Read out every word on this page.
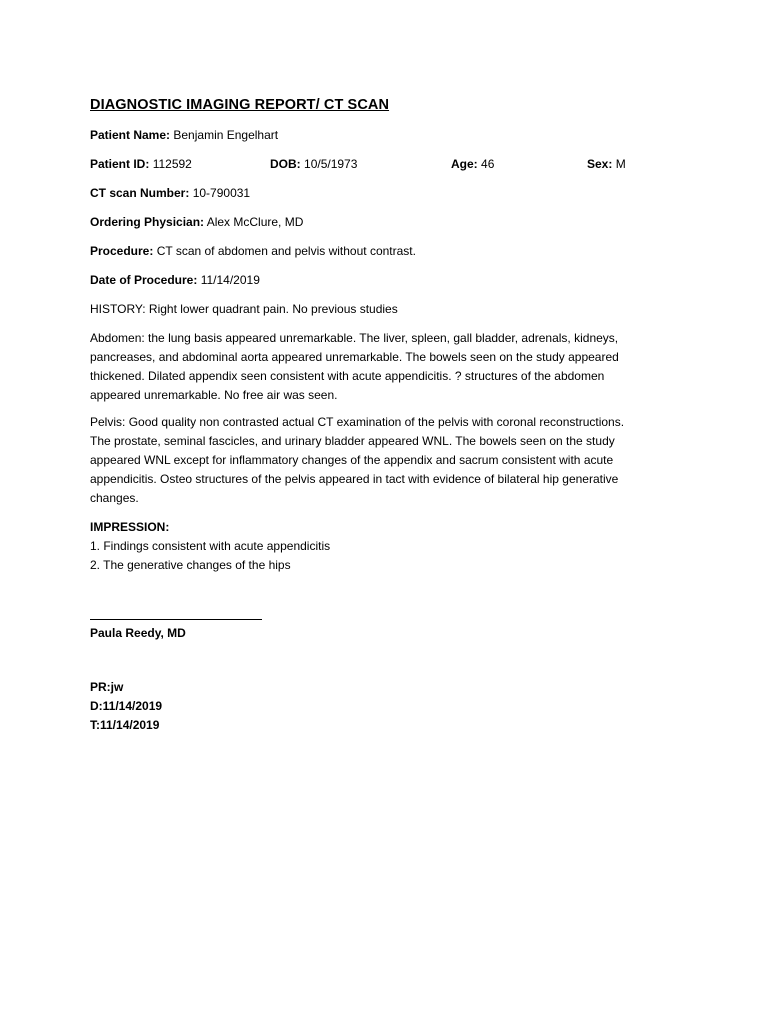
DIAGNOSTIC IMAGING REPORT/ CT SCAN
Patient Name: Benjamin Engelhart
Patient ID: 112592	DOB: 10/5/1973	Age: 46	Sex: M
CT scan Number: 10-790031
Ordering Physician: Alex McClure, MD
Procedure: CT scan of abdomen and pelvis without contrast.
Date of Procedure: 11/14/2019
HISTORY: Right lower quadrant pain. No previous studies
Abdomen: the lung basis appeared unremarkable. The liver, spleen, gall bladder, adrenals, kidneys,
pancreases, and abdominal aorta appeared unremarkable. The bowels seen on the study appeared
thickened. Dilated appendix seen consistent with acute appendicitis. ? structures of the abdomen
appeared unremarkable. No free air was seen.
Pelvis: Good quality non contrasted actual CT examination of the pelvis with coronal reconstructions.
The prostate, seminal fascicles, and urinary bladder appeared WNL. The bowels seen on the study
appeared WNL except for inflammatory changes of the appendix and sacrum consistent with acute
appendicitis. Osteo structures of the pelvis appeared in tact with evidence of bilateral hip generative
changes.
IMPRESSION:
1. Findings consistent with acute appendicitis
2. The generative changes of the hips
Paula Reedy, MD
PR:jw
D:11/14/2019
T:11/14/2019
